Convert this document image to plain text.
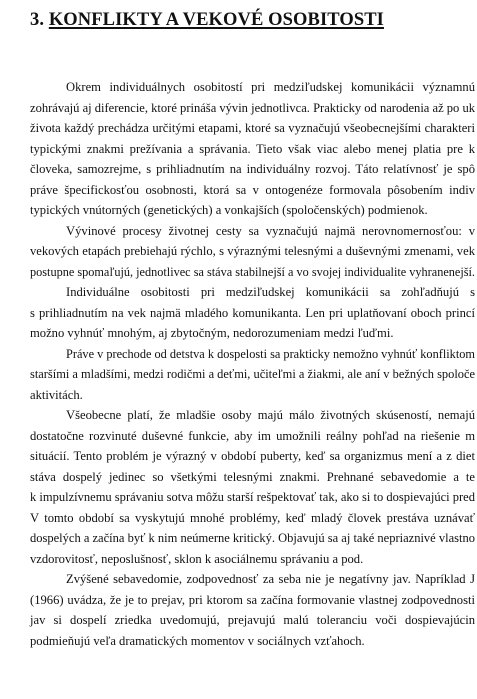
3. KONFLIKTY A VEKOVÉ OSOBITOSTI
Okrem individuálnych osobitostí pri medziľudskej komunikácii významnú
zohrávajú aj diferencie, ktoré prináša vývin jednotlivca. Prakticky od narodenia až po uk
života každý prechádza určitými etapami, ktoré sa vyznačujú všeobecnejšími charakteri
typickými znakmi prežívania a správania. Tieto však viac alebo menej platia pre k
človeka, samozrejme, s prihliadnutím na individuálny rozvoj. Táto relatívnosť je spô
práve špecifickosťou osobnosti, ktorá sa v ontogenéze formovala pôsobením indiv
typických vnútorných (genetických) a vonkajších (spoločenských) podmienok.
Vývinové procesy životnej cesty sa vyznačujú najmä nerovnomernosťou: v
vekových etapách prebiehajú rýchlo, s výraznými telesnými a duševnými zmenami, vek
postupne spomaľujú, jednotlivec sa stáva stabilnejší a vo svojej individualite vyhranenejší.
Individuálne osobitosti pri medziľudskej komunikácii sa zohľadňujú s
s prihliadnutím na vek najmä mladého komunikanta. Len pri uplatňovaní oboch princí
možno vyhnúť mnohým, aj zbytočným, nedorozumeniam medzi ľuďmi.
Práve v prechode od detstva k dospelosti sa prakticky nemožno vyhnúť konfliktom
staršími a mladšími, medzi rodičmi a deťmi, učiteľmi a žiakmi, ale aní v bežných spoloče
aktivitách.
Všeobecne platí, že mladšie osoby majú málo životných skúseností, nemajú
dostatočne rozvinuté duševné funkcie, aby im umožnili reálny pohľad na riešenie m
situácií. Tento problém je výrazný v období puberty, keď sa organizmus mení a z diet
stáva dospelý jedinec so všetkými telesnými znakmi. Prehnané sebavedomie a te
k impulzívnemu správaniu sotva môžu starší rešpektovať tak, ako si to dospievajúci pred
V tomto období sa vyskytujú mnohé problémy, keď mladý človek prestáva uznávať
dospelých a začína byť k nim neúmerne kritický. Objavujú sa aj také nepriaznivé vlastno
vzdorovitosť, neposlušnosť, sklon k asociálnemu správaniu a pod.
Zvýšené sebavedomie, zodpovednosť za seba nie je negatívny jav. Napríklad J
(1966) uvádza, že je to prejav, pri ktorom sa začína formovanie vlastnej zodpovednosti
jav si dospelí zriedka uvedomujú, prejavujú malú toleranciu voči dospievajúcin
podmieňujú veľa dramatických momentov v sociálnych vzťahoch.
